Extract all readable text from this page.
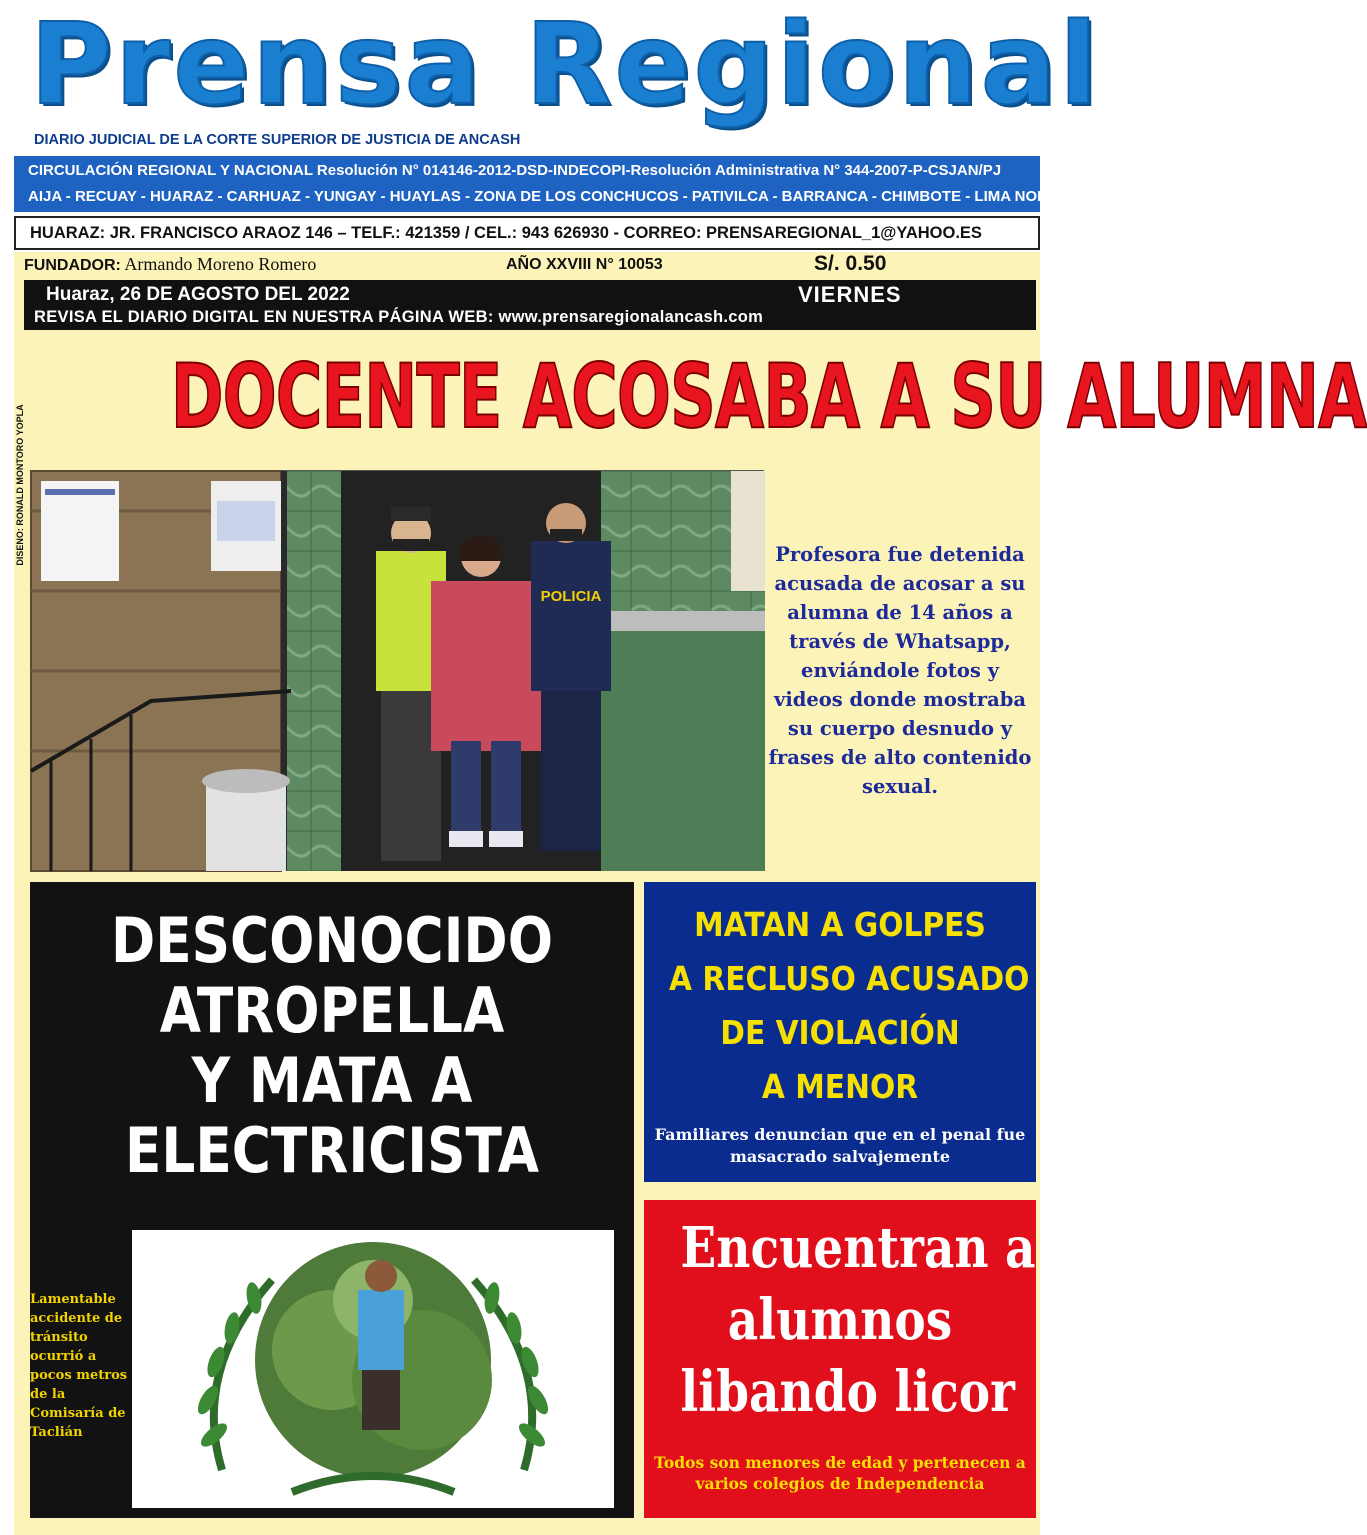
Prensa Regional
DIARIO JUDICIAL DE LA CORTE SUPERIOR DE JUSTICIA DE ANCASH
CIRCULACIÓN REGIONAL Y NACIONAL Resolución N° 014146-2012-DSD-INDECOPI-Resolución Administrativa N° 344-2007-P-CSJAN/PJ
AIJA - RECUAY - HUARAZ - CARHUAZ - YUNGAY - HUAYLAS - ZONA DE LOS CONCHUCOS - PATIVILCA - BARRANCA - CHIMBOTE - LIMA NORTE
HUARAZ: JR. FRANCISCO ARAOZ 146 – TELF.: 421359 / CEL.: 943 626930 - CORREO: PRENSAREGIONAL_1@YAHOO.ES
FUNDADOR: Armando Moreno Romero	AÑO XXVIII N° 10053	S/. 0.50
Huaraz, 26 DE AGOSTO DEL 2022	VIERNES
REVISA EL DIARIO DIGITAL EN NUESTRA PÁGINA WEB: www.prensaregionalancash.com
DISENO: RONALD MONTORO YOPLA
DOCENTE ACOSABA A SU ALUMNA
POLICIA
Profesora fue detenida acusada de acosar a su alumna de 14 años a través de Whatsapp, enviándole fotos y videos donde mostraba su cuerpo desnudo y frases de alto contenido sexual.
DESCONOCIDO
ATROPELLA
Y MATA A
ELECTRICISTA
Lamentable accidente de tránsito ocurrió a pocos metros de la Comisaría de Taclián
MATAN A GOLPES
A RECLUSO ACUSADO
DE VIOLACIÓN
A MENOR
Familiares denuncian que en el penal fue masacrado salvajemente
Encuentran a
alumnos
libando licor
Todos son menores de edad y pertenecen a varios colegios de Independencia
